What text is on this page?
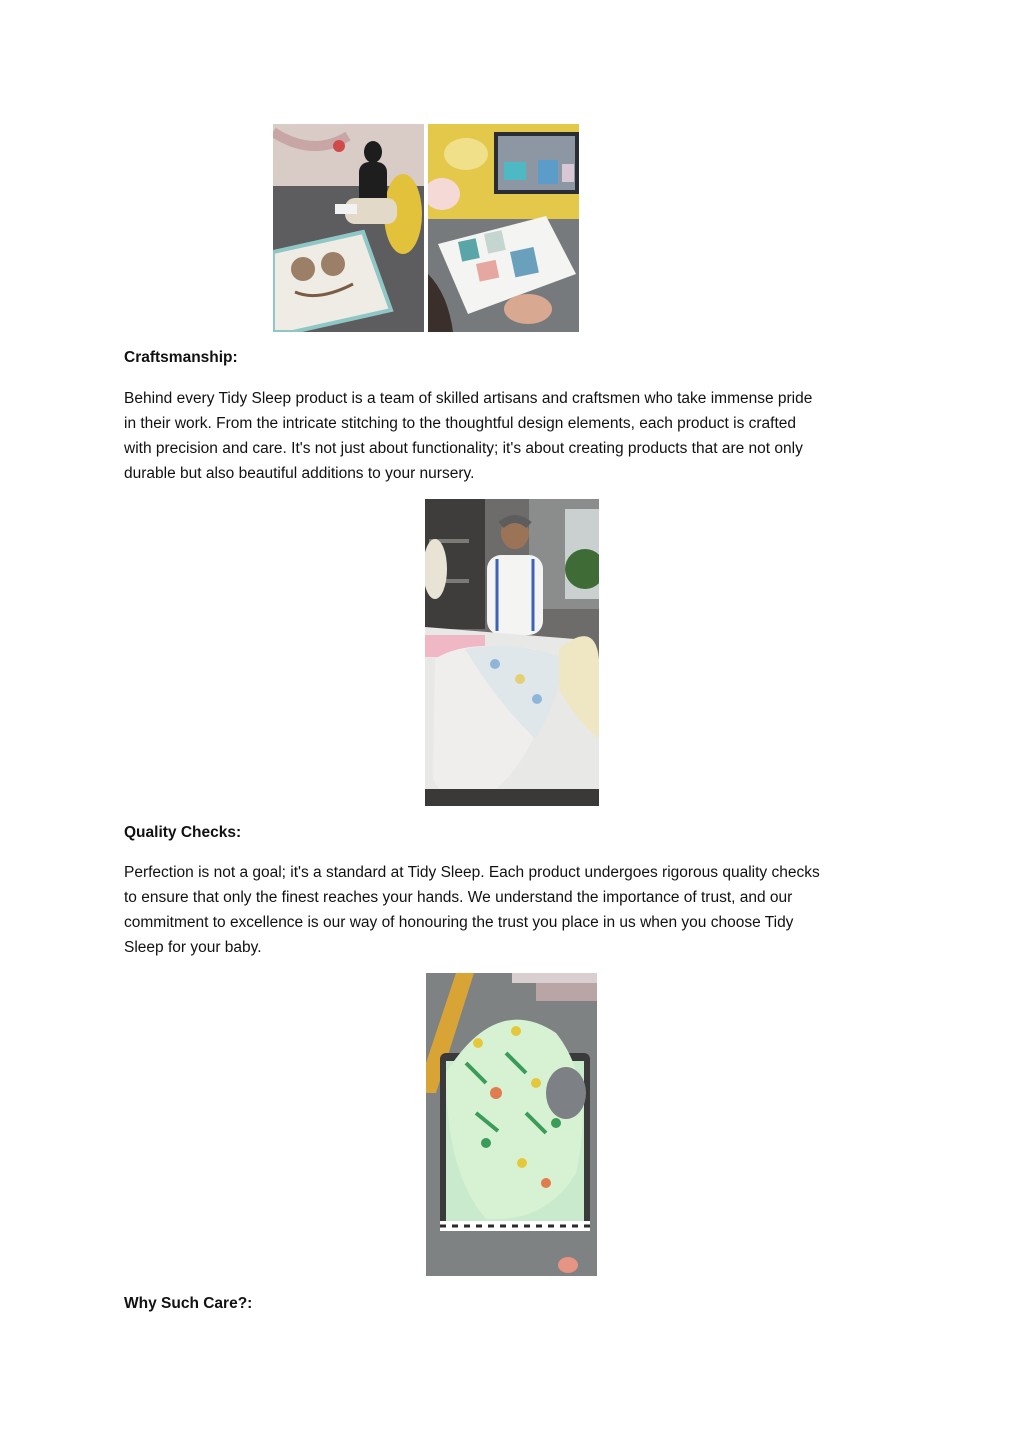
Craftsmanship:
Behind every Tidy Sleep product is a team of skilled artisans and craftsmen who take immense pride
in their work. From the intricate stitching to the thoughtful design elements, each product is crafted
with precision and care. It's not just about functionality; it's about creating products that are not only
durable but also beautiful additions to your nursery.
Quality Checks:
Perfection is not a goal; it's a standard at Tidy Sleep. Each product undergoes rigorous quality checks
to ensure that only the finest reaches your hands. We understand the importance of trust, and our
commitment to excellence is our way of honouring the trust you place in us when you choose Tidy
Sleep for your baby.
Why Such Care?:
